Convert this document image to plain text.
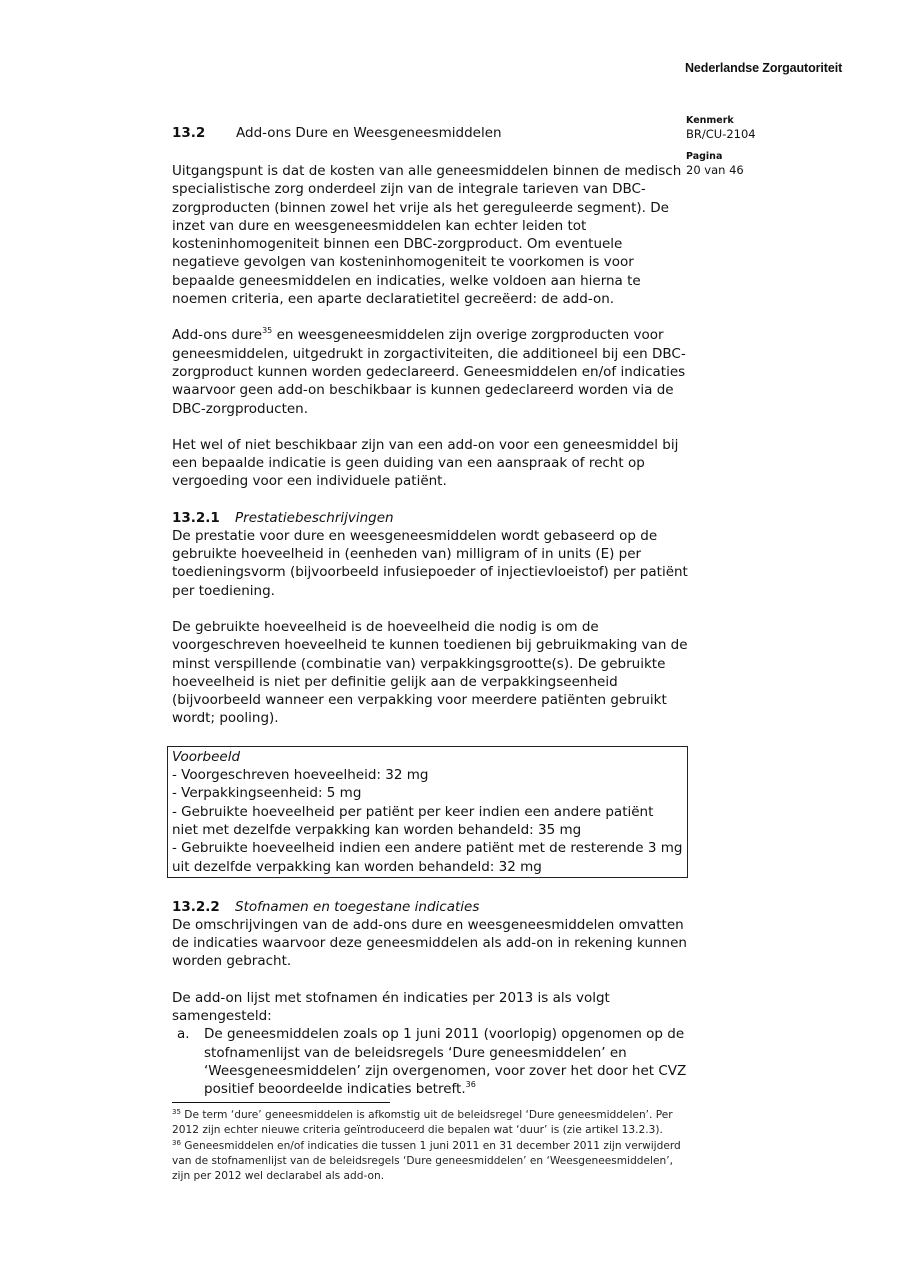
Nederlandse Zorgautoriteit
Kenmerk
BR/CU-2104
Pagina
20 van 46
13.2 Add-ons Dure en Weesgeneesmiddelen

Uitgangspunt is dat de kosten van alle geneesmiddelen binnen de medisch specialistische zorg onderdeel zijn van de integrale tarieven van DBC-zorgproducten (binnen zowel het vrije als het gereguleerde segment). De inzet van dure en weesgeneesmiddelen kan echter leiden tot kosteninhomogeniteit binnen een DBC-zorgproduct. Om eventuele negatieve gevolgen van kosteninhomogeniteit te voorkomen is voor bepaalde geneesmiddelen en indicaties, welke voldoen aan hierna te noemen criteria, een aparte declaratietitel gecreëerd: de add-on.

Add-ons dure$^{35}$ en weesgeneesmiddelen zijn overige zorgproducten voor geneesmiddelen, uitgedrukt in zorgactiviteiten, die additioneel bij een DBC-zorgproduct kunnen worden gedeclareerd. Geneesmiddelen en/of indicaties waarvoor geen add-on beschikbaar is kunnen gedeclareerd worden via de DBC-zorgproducten.

Het wel of niet beschikbaar zijn van een add-on voor een geneesmiddel bij een bepaalde indicatie is geen duiding van een aanspraak of recht op vergoeding voor een individuele patiënt.

13.2.1 Prestatiebeschrijvingen

De prestatie voor dure en weesgeneesmiddelen wordt gebaseerd op de gebruikte hoeveelheid in (eenheden van) milligram of in units (E) per toedieningsvorm (bijvoorbeeld infusiepoeder of injectievloeistof) per patiënt per toediening.

De gebruikte hoeveelheid is de hoeveelheid die nodig is om de voorgeschreven hoeveelheid te kunnen toedienen bij gebruikmaking van de minst verspillende (combinatie van) verpakkingsgrootte(s). De gebruikte hoeveelheid is niet per definitie gelijk aan de verpakkingseenheid (bijvoorbeeld wanneer een verpakking voor meerdere patiënten gebruikt wordt; pooling).

Voorbeeld
- Voorgeschreven hoeveelheid: 32 mg
- Verpakkingseenheid: 5 mg
- Gebruikte hoeveelheid per patiënt per keer indien een andere patiënt niet met dezelfde verpakking kan worden behandeld: 35 mg
- Gebruikte hoeveelheid indien een andere patiënt met de resterende 3 mg uit dezelfde verpakking kan worden behandeld: 32 mg
13.2.2 Stofnamen en toegestane indicaties

De omschrijvingen van de add-ons dure en weesgeneesmiddelen omvatten de indicaties waarvoor deze geneesmiddelen als add-on in rekening kunnen worden gebracht.

De add-on lijst met stofnamen én indicaties per 2013 is als volgt samengesteld:

a.	De geneesmiddelen zoals op 1 juni 2011 (voorlopig) opgenomen op de stofnamenlijst van de beleidsregels ‘Dure geneesmiddelen’ en ‘Weesgeneesmiddelen’ zijn overgenomen, voor zover het door het CVZ positief beoordeelde indicaties betreft.$^{36}$
$^{35}$ De term ‘dure’ geneesmiddelen is afkomstig uit de beleidsregel ‘Dure geneesmiddelen’. Per 2012 zijn echter nieuwe criteria geïntroduceerd die bepalen wat ‘duur’ is (zie artikel 13.2.3).
$^{36}$ Geneesmiddelen en/of indicaties die tussen 1 juni 2011 en 31 december 2011 zijn verwijderd van de stofnamenlijst van de beleidsregels ‘Dure geneesmiddelen’ en ‘Weesgeneesmiddelen’, zijn per 2012 wel declarabel als add-on.
